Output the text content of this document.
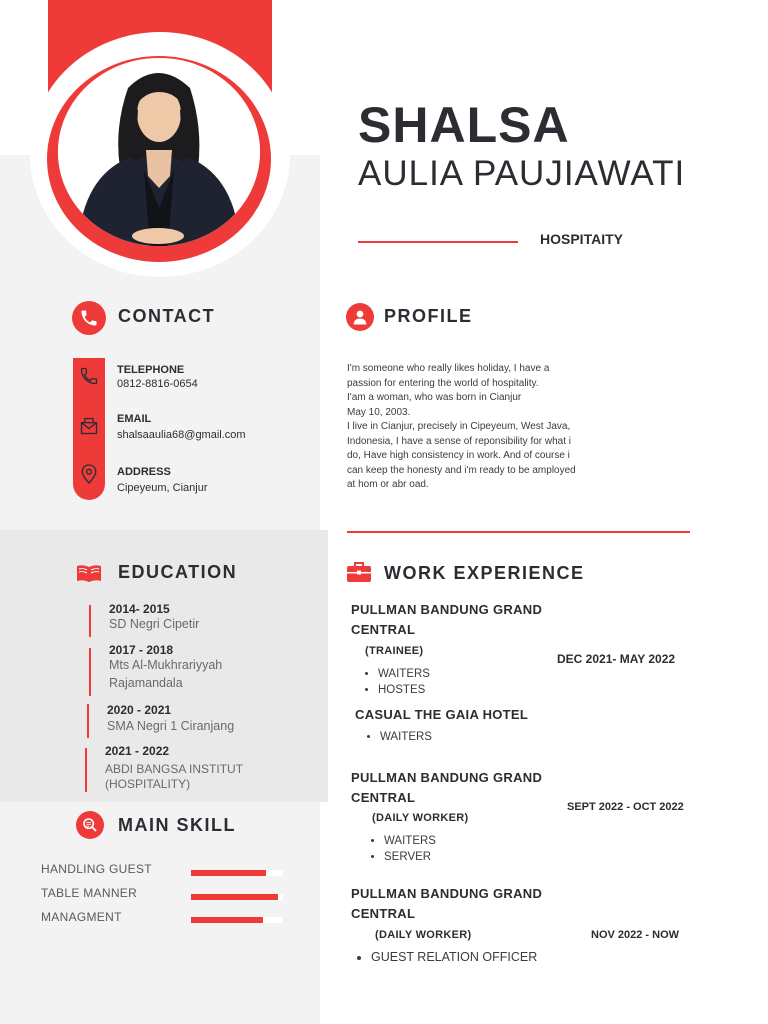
SHALSA
AULIA PAUJIAWATI
HOSPITAITY
CONTACT
TELEPHONE
0812-8816-0654
EMAIL
shalsaaulia68@gmail.com
ADDRESS
Cipeyeum, Cianjur
PROFILE
I'm someone who really likes holiday, I have a
passion for entering the world of hospitality.
I'am a woman, who was born in Cianjur
May 10, 2003.
I live in Cianjur, precisely in Cipeyeum, West Java,
Indonesia, I have a sense of reponsibility for what i
do, Have high consistency in work. And of course i
can keep the honesty and i'm ready to be amployed
at hom or abr oad.
EDUCATION
2014- 2015
SD Negri Cipetir
2017 - 2018
Mts Al-Mukhrariyyah
Rajamandala
2020 - 2021
SMA Negri 1 Ciranjang
2021 - 2022
ABDI BANGSA INSTITUT
(HOSPITALITY)
MAIN SKILL
HANDLING GUEST
TABLE MANNER
MANAGMENT
WORK EXPERIENCE
PULLMAN BANDUNG GRAND
CENTRAL
(TRAINEE)
DEC 2021- MAY 2022
• WAITERS
• HOSTES
CASUAL THE GAIA HOTEL
• WAITERS
PULLMAN BANDUNG GRAND
CENTRAL
(DAILY WORKER)
SEPT 2022 - OCT 2022
• WAITERS
• SERVER
PULLMAN BANDUNG GRAND
CENTRAL
(DAILY WORKER)	NOV 2022 - NOW
• GUEST RELATION OFFICER
